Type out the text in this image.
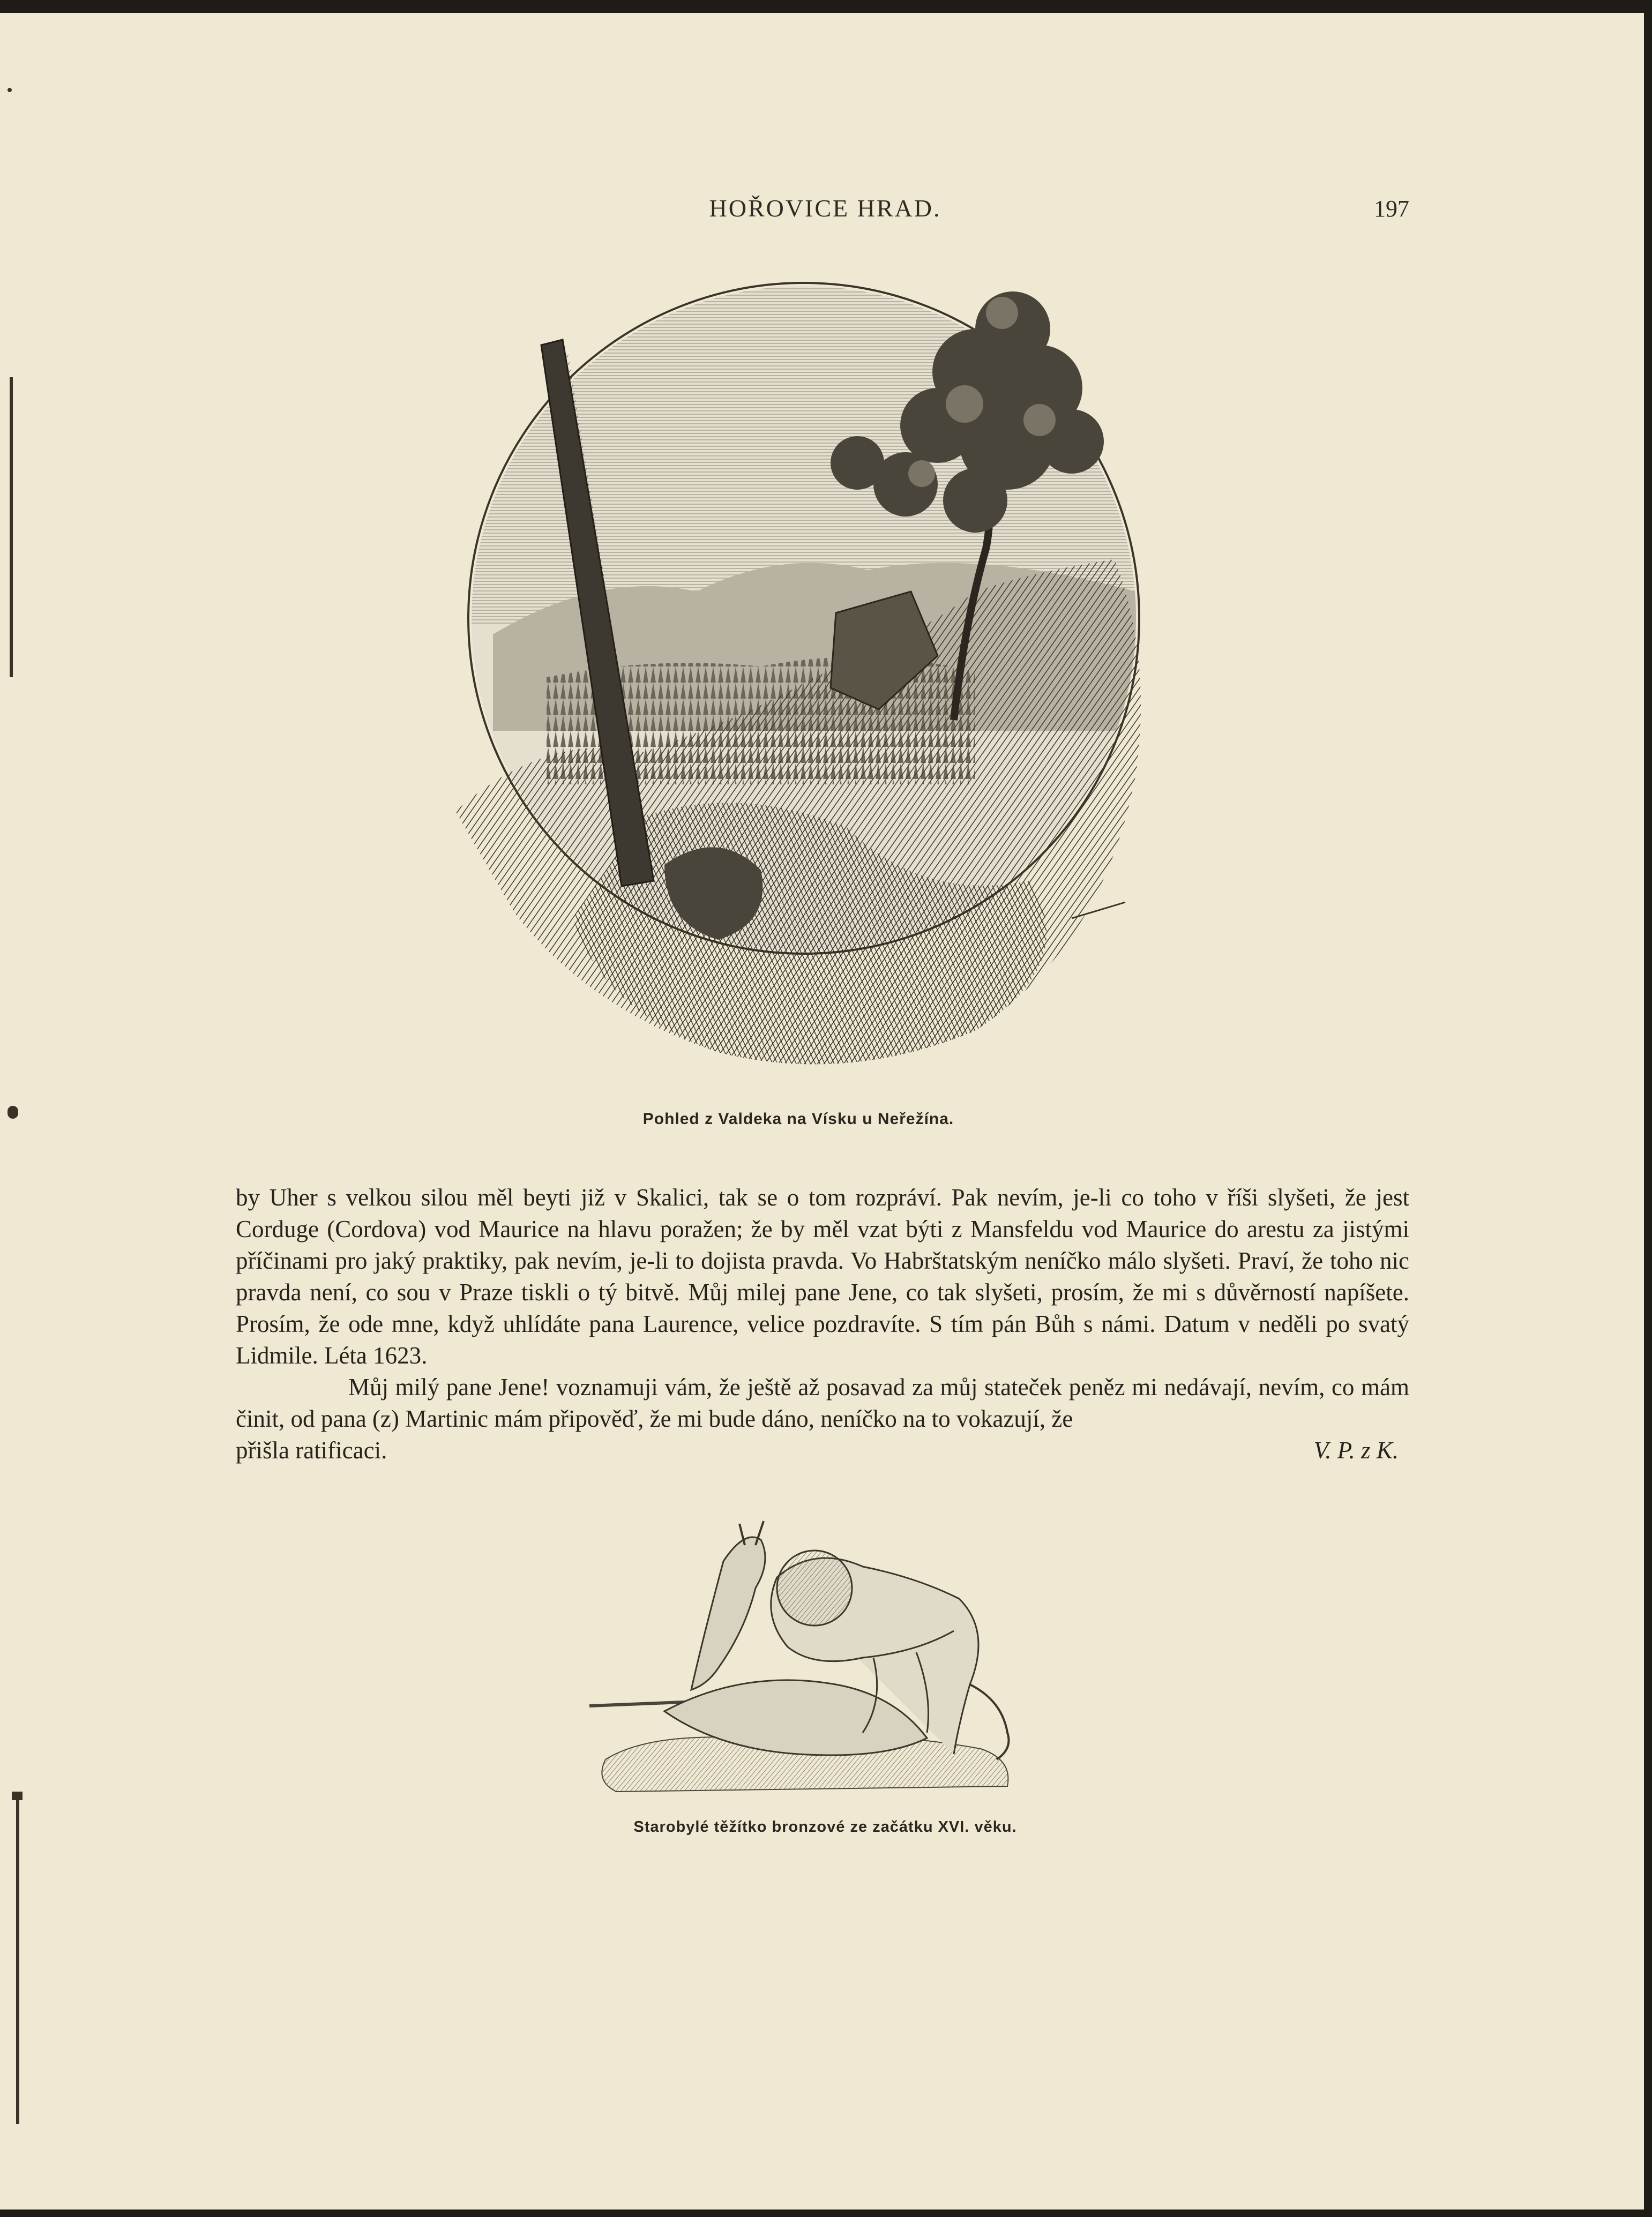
HOŘOVICE HRAD.	197
Pohled z Valdeka na Vísku u Neřežína.

by Uher s velkou silou měl beyti již v Skalici, tak se o tom rozpráví. Pak nevím, je-li co toho v říši slyšeti, že jest Corduge (Cordova) vod Maurice na hlavu poražen; že by měl vzat býti z Mansfeldu vod Maurice do arestu za jistými příčinami pro jaký praktiky, pak nevím, je-li to dojista pravda. Vo Habrštatským neníčko málo slyšeti. Praví, že toho nic pravda není, co sou v Praze tiskli o tý bitvě. Můj milej pane Jene, co tak slyšeti, prosím, že mi s důvěrností napíšete. Prosím, že ode mne, když uhlídáte pana Laurence, velice pozdravíte. S tím pán Bůh s námi. Datum v neděli po svatý Lidmile. Léta 1623.

Můj milý pane Jene! voznamuji vám, že ještě až posavad za můj stateček peněz mi nedávají, nevím, co mám činit, od pana (z) Martinic mám připověď, že mi bude dáno, neníčko na to vokazují, že

přišla ratificaci.	V. P. z K.
Starobylé těžítko bronzové ze začátku XVI. věku.
